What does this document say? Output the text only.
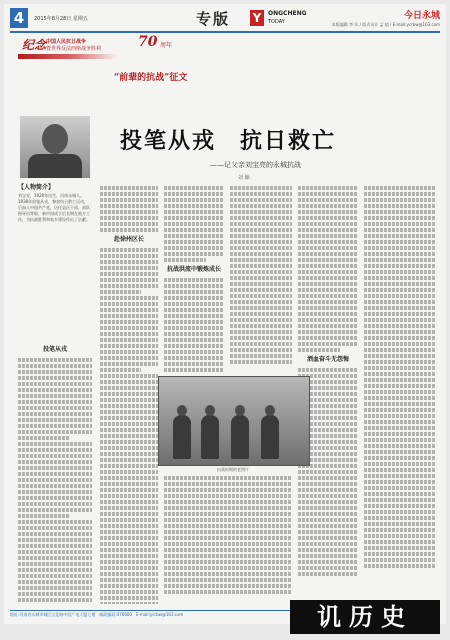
4	2015年8月28日 星期五	专版 Y	ONGCHENG
TODAY
今日永城
本版编辑 李 军 / 版式设计 孟 超 / E-mail:ycrbw@163.com
纪念 中国人民抗日战争
暨世界反法西斯战争胜利	70 周年
“前辈的抗战”征文
【人物简介】
刘宝亮，1920年出生，河南永城人。1938年投笔从戎，参加抗日救亡运动，后加入中国共产党，历任县区干部、部队指导员等职，新中国成立后长期在地方工作，为抗战胜利和家乡建设作出了贡献。
投笔从戎　抗日救亡
——记父亲刘宝亮的永城抗战
刘 颖
投笔从戎
赴徐州区长
抗战洪流中锻炼成长
洒血奋斗无怨悔
抗战时期的老照片
地址:河南省永城市城区文化路中段广电大厦七楼　邮政编码:476600　E-mail:ycrbw@163.com	讥历史
